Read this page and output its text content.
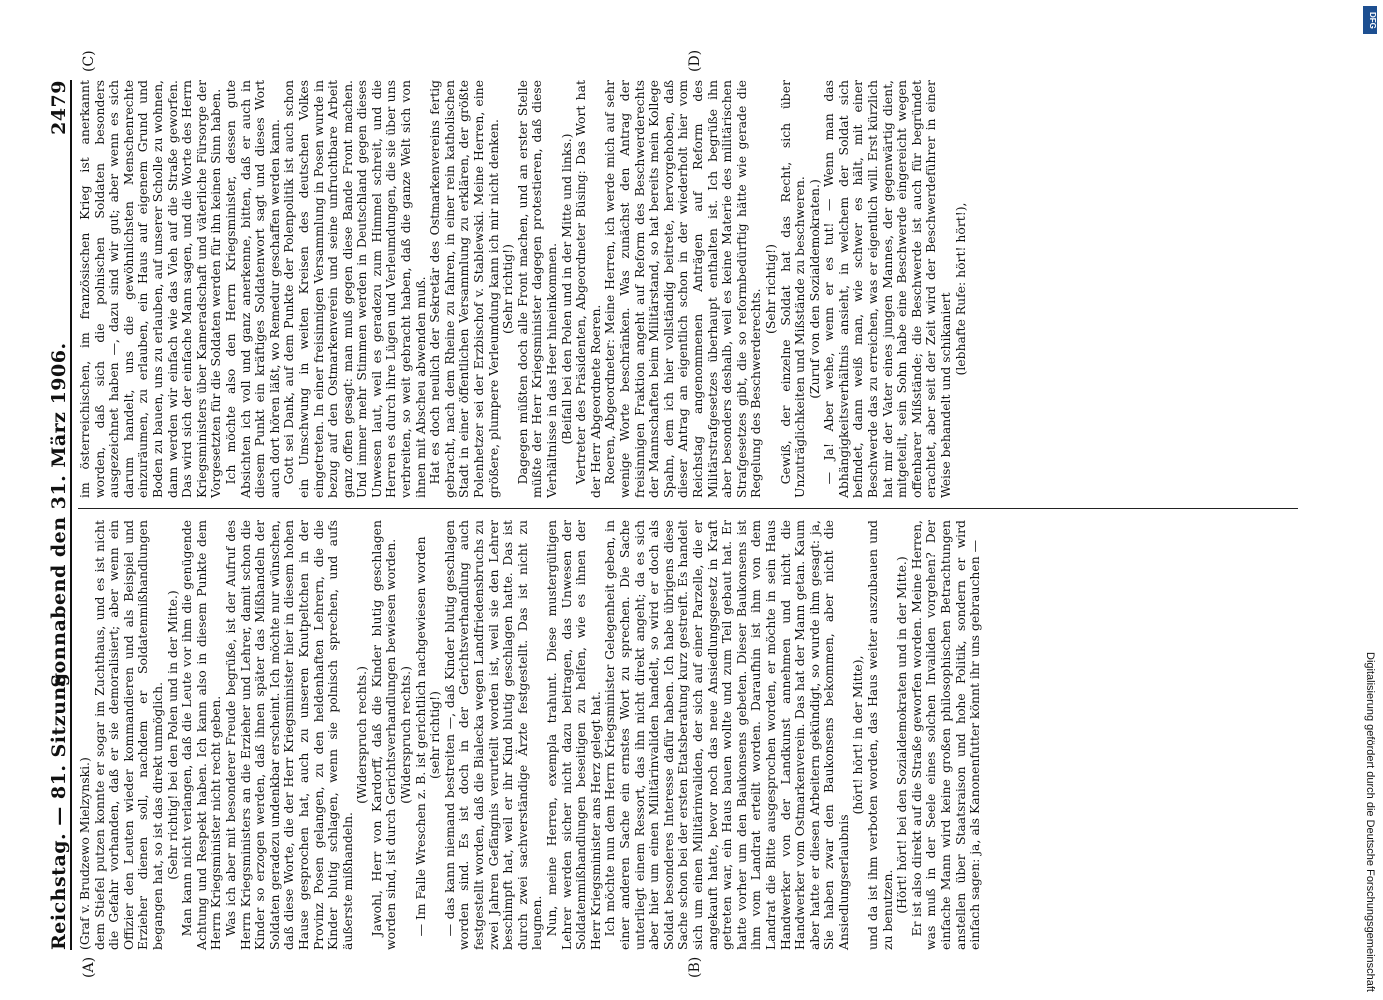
Reichstag. — 81. Sitzung.
Sonnabend den 31. März 1906.
2479
(A)	(B)
(C)	(D)

(Graf v. Brudzewo Mielzynski.) dem Stiefel putzen konnte er sogar im Zuchthaus, und es ist nicht die Gefahr vorhanden, daß er sie demoralisiert; aber wenn ein Offizier den Leuten wieder kommandieren und als Beispiel und Erzieher dienen soll, nachdem er Soldatenmißhandlungen begangen hat, so ist das direkt unmöglich. (Sehr richtig! bei den Polen und in der Mitte.) Man kann nicht verlangen, daß die Leute vor ihm die genügende Achtung und Respekt haben. Ich kann also in diesem Punkte dem Herrn Kriegsminister nicht recht geben. Was ich aber mit besonderer Freude begrüße, ist der Aufruf des Herrn Kriegsministers an die Erzieher und Lehrer, damit schon die Kinder so erzogen werden, daß ihnen später das Mißhandeln der Soldaten geradezu undenkbar erscheint. Ich möchte nur wünschen, daß diese Worte, die der Herr Kriegsminister hier in diesem hohen Hause gesprochen hat, auch zu unseren Knutpeltchen in der Provinz Posen gelangen, zu den heldenhaften Lehrern, die die Kinder blutig schlagen, wenn sie polnisch sprechen, und aufs äußerste mißhandeln.

(Widerspruch rechts.) Jawohl, Herr von Kardorff, daß die Kinder blutig geschlagen worden sind, ist durch Gerichtsverhandlungen bewiesen worden. (Widerspruch rechts.) — Im Falle Wreschen z. B. ist gerichtlich nachgewiesen worden (sehr richtig!) — das kann niemand bestreiten —, daß Kinder blutig geschlagen worden sind. Es ist doch in der Gerichtsverhandlung auch festgestellt worden, daß die Bialecka wegen Landfriedensbruchs zu zwei Jahren Gefängnis verurteilt worden ist, weil sie den Lehrer beschimpft hat, weil er ihr Kind blutig geschlagen hatte. Das ist durch zwei sachverständige Ärzte festgestellt. Das ist nicht zu leugnen. Nun, meine Herren, exempla trahunt. Diese mustergültigen Lehrer werden sicher nicht dazu beitragen, das Unwesen der Soldatenmißhandlungen beseitigen zu helfen, wie es ihnen der Herr Kriegsminister ans Herz gelegt hat. Ich möchte nun dem Herrn Kriegsminister Gelegenheit geben, in einer anderen Sache ein ernstes Wort zu sprechen. Die Sache unterliegt einem Ressort, das ihn nicht direkt angeht; da es sich aber hier um einen Militärinvaliden handelt, so wird er doch als Soldat besonderes Interesse dafür haben. Ich habe übrigens diese Sache schon bei der ersten Etatsberatung kurz gestreift. Es handelt sich um einen Militärinvaliden, der sich auf einer Parzelle, die er angekauft hatte, bevor noch das neue Ansiedlungsgesetz in Kraft getreten war, ein Haus bauen wollte und zum Teil gebaut hat. Er hatte vorher um den Baukonsens gebeten. Dieser Baukonsens ist ihm vom Landrat erteilt worden. Daraufhin ist ihm von dem Landrat die Bitte ausgesprochen worden, er möchte in sein Haus Handwerker von der Landkunst annehmen und nicht die Handwerker vom Ostmarkenverein. Das hat der Mann getan. Kaum aber hatte er diesen Arbeitern gekündigt, so wurde ihm gesagt: ja, Sie haben zwar den Baukonsens bekommen, aber nicht die Ansiedlungserlaubnis

(hört! hört! in der Mitte), und da ist ihm verboten worden, das Haus weiter auszubauen und zu benutzen. (Hört! hört! bei den Sozialdemokraten und in der Mitte.) Er ist also direkt auf die Straße geworfen worden. Meine Herren, was muß in der Seele eines solchen Invaliden vorgehen? Der einfache Mann wird keine großen philosophischen Betrachtungen anstellen über Staatsraison und hohe Politik, sondern er wird einfach sagen: ja, als Kanonenfutter könnt ihr uns gebrauchen —

im österreichischen, im französischen Krieg ist anerkannt worden, daß sich die polnischen Soldaten besonders ausgezeichnet haben —, dazu sind wir gut; aber wenn es sich darum handelt, uns die gewöhnlichsten Menschenrechte einzuräumen, zu erlauben, ein Haus auf eigenem Grund und Boden zu bauen, uns zu erlauben, auf unserer Scholle zu wohnen, dann werden wir einfach wie das Vieh auf die Straße geworfen. Das wird sich der einfache Mann sagen, und die Worte des Herrn Kriegsministers über Kameradschaft und väterliche Fürsorge der Vorgesetzten für die Soldaten werden für ihn keinen Sinn haben. Ich möchte also den Herrn Kriegsminister, dessen gute Absichten ich voll und ganz anerkenne, bitten, daß er auch in diesem Punkt ein kräftiges Soldatenwort sagt und dieses Wort auch dort hören läßt, wo Remedur geschaffen werden kann. Gott sei Dank, auf dem Punkte der Polenpolitik ist auch schon ein Umschwung in weiten Kreisen des deutschen Volkes eingetreten. In einer freisinnigen Versammlung in Posen wurde in bezug auf den Ostmarkenverein und seine unfruchtbare Arbeit ganz offen gesagt: man muß gegen diese Bande Front machen. Und immer mehr Stimmen werden in Deutschland gegen dieses Unwesen laut, weil es geradezu zum Himmel schreit, und die Herren es durch ihre Lügen und Verleumdungen, die sie über uns verbreiten, so weit gebracht haben, daß die ganze Welt sich von ihnen mit Abscheu abwenden muß. Hat es doch neulich der Sekretär des Ostmarkenvereins fertig gebracht, nach dem Rheine zu fahren, in einer rein katholischen Stadt in einer öffentlichen Versammlung zu erklären, der größte Polenhetzer sei der Erzbischof v. Stablewski. Meine Herren, eine größere, plumpere Verleumdung kann ich mir nicht denken. (Sehr richtig!) Dagegen müßten doch alle Front machen, und an erster Stelle müßte der Herr Kriegsminister dagegen protestieren, daß diese Verhältnisse in das Heer hineinkommen. (Beifall bei den Polen und in der Mitte und links.) Vertreter des Präsidenten, Abgeordneter Büsing: Das Wort hat der Herr Abgeordnete Roeren. Roeren, Abgeordneter: Meine Herren, ich werde mich auf sehr wenige Worte beschränken. Was zunächst den Antrag der freisinnigen Fraktion angeht auf Reform des Beschwerderechts der Mannschaften beim Militärstand, so hat bereits mein Kollege Spahn, dem ich hier vollständig beitrete, hervorgehoben, daß dieser Antrag an eigentlich schon in der wiederholt hier vom Reichstag angenommenen Anträgen auf Reform des Militärstrafgesetzes überhaupt enthalten ist. Ich begrüße ihn aber besonders deshalb, weil es keine Materie des militärischen Strafgesetzes gibt, die so reformbedürftig hätte wie gerade die Regelung des Beschwerderechts. (Sehr richtig!) Gewiß, der einzelne Soldat hat das Recht, sich über Unzuträglichkeiten und Mißstände zu beschweren. (Zuruf von den Sozialdemokraten.) — Ja! Aber wehe, wenn er es tut! — Wenn man das Abhängigkeitsverhältnis ansieht, in welchem der Soldat sich befindet, dann weiß man, wie schwer es hält, mit einer Beschwerde das zu erreichen, was er eigentlich will. Erst kürzlich hat mir der Vater eines jungen Mannes, der gegenwärtig dient, mitgeteilt, sein Sohn habe eine Beschwerde eingereicht wegen offenbarer Mißstände; die Beschwerde ist auch für begründet erachtet, aber seit der Zeit wird der Beschwerdeführer in einer Weise behandelt und schikaniert

(lebhafte Rufe: hört! hört!),

Digitalisierung gefördert durch die Deutsche Forschungsgemeinschaft
DFG
